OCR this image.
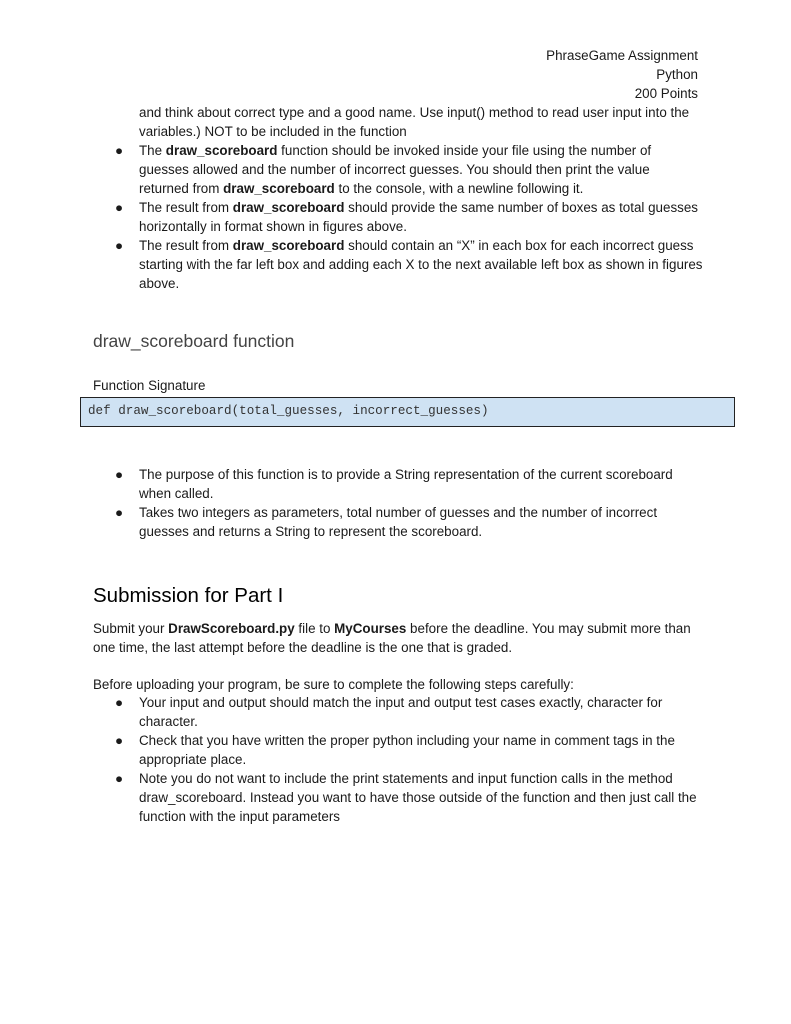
PhraseGame Assignment
Python
200 Points
and think about correct type and a good name. Use input() method to read user input into the variables.) NOT to be included in the function
● The draw_scoreboard function should be invoked inside your file using the number of guesses allowed and the number of incorrect guesses. You should then print the value returned from draw_scoreboard to the console, with a newline following it.
● The result from draw_scoreboard should provide the same number of boxes as total guesses horizontally in format shown in figures above.
● The result from draw_scoreboard should contain an “X” in each box for each incorrect guess starting with the far left box and adding each X to the next available left box as shown in figures above.
draw_scoreboard function
Function Signature
def draw_scoreboard(total_guesses, incorrect_guesses)
● The purpose of this function is to provide a String representation of the current scoreboard when called.
● Takes two integers as parameters, total number of guesses and the number of incorrect guesses and returns a String to represent the scoreboard.
Submission for Part I

Submit your DrawScoreboard.py file to MyCourses before the deadline. You may submit more than one time, the last attempt before the deadline is the one that is graded.

Before uploading your program, be sure to complete the following steps carefully:

● Your input and output should match the input and output test cases exactly, character for character.
● Check that you have written the proper python including your name in comment tags in the appropriate place.
● Note you do not want to include the print statements and input function calls in the method draw_scoreboard. Instead you want to have those outside of the function and then just call the function with the input parameters
